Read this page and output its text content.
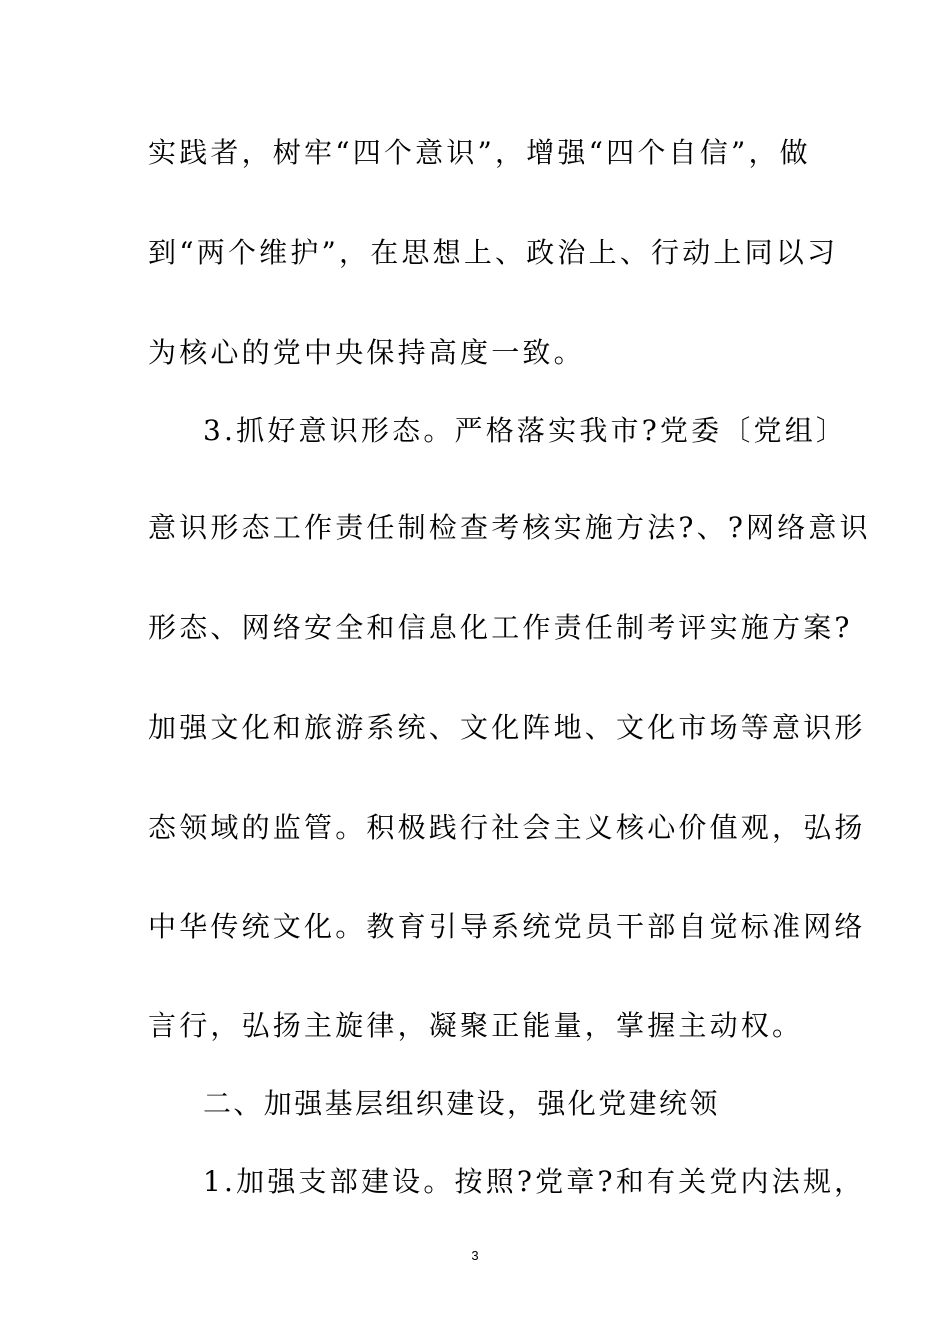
实践者，树牢“四个意识”，增强“四个自信”，做
到“两个维护”，在思想上、政治上、行动上同以习
为核心的党中央保持高度一致。
3.抓好意识形态。严格落实我市?党委〔党组〕
意识形态工作责任制检查考核实施方法?、?网络意识
形态、网络安全和信息化工作责任制考评实施方案?
加强文化和旅游系统、文化阵地、文化市场等意识形
态领域的监管。积极践行社会主义核心价值观，弘扬
中华传统文化。教育引导系统党员干部自觉标准网络
言行，弘扬主旋律，凝聚正能量，掌握主动权。
二、加强基层组织建设，强化党建统领
1.加强支部建设。按照?党章?和有关党内法规，
3
